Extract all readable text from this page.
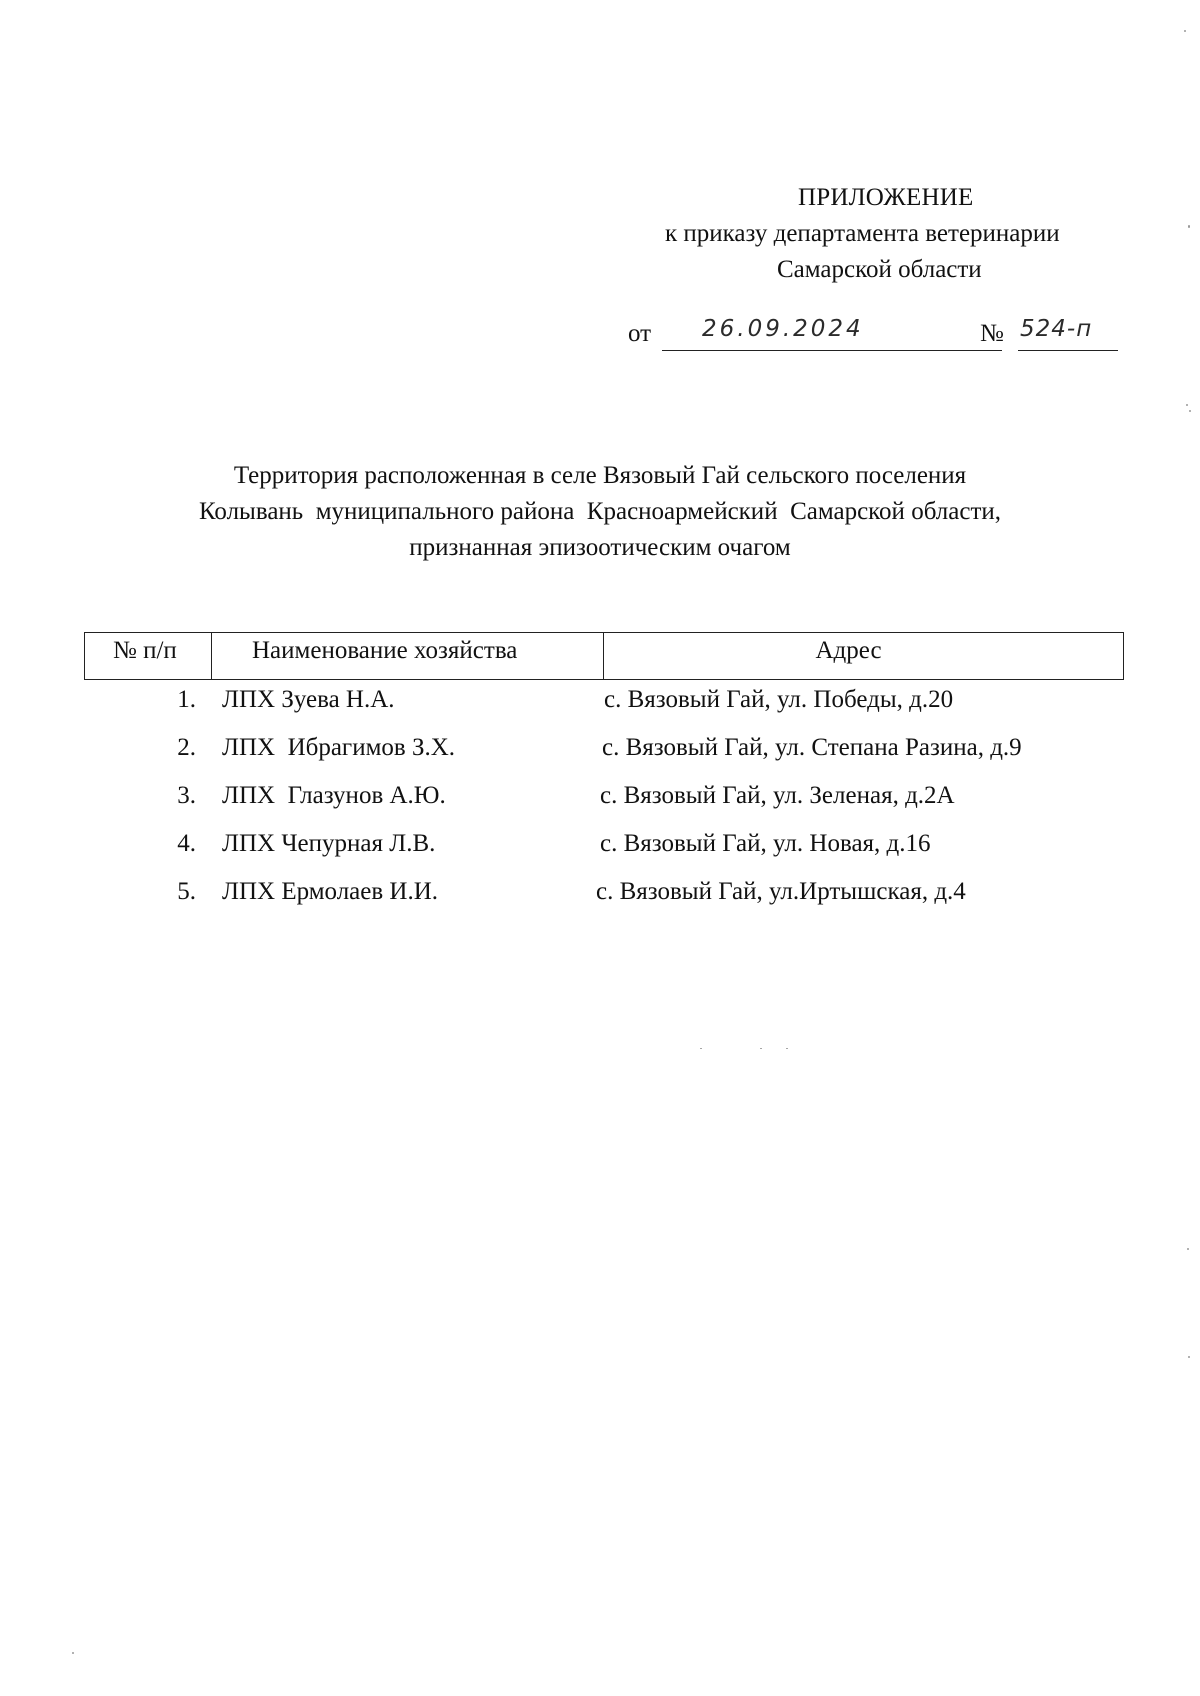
ПРИЛОЖЕНИЕ
к приказу департамента ветеринарии
Самарской области
от 26.09.2024	№ 524-п
Территория расположенная в селе Вязовый Гай сельского поселения
Колывань  муниципального района  Красноармейский  Самарской области,
признанная эпизоотическим очагом
№ п/п	Наименование хозяйства	Адрес
1. ЛПХ Зуева Н.А.	с. Вязовый Гай, ул. Победы, д.20
2. ЛПХ  Ибрагимов З.Х.	с. Вязовый Гай, ул. Степана Разина, д.9
3. ЛПХ  Глазунов А.Ю.	с. Вязовый Гай, ул. Зеленая, д.2А
4. ЛПХ Чепурная Л.В.	с. Вязовый Гай, ул. Новая, д.16
5. ЛПХ Ермолаев И.И.	с. Вязовый Гай, ул.Иртышская, д.4
